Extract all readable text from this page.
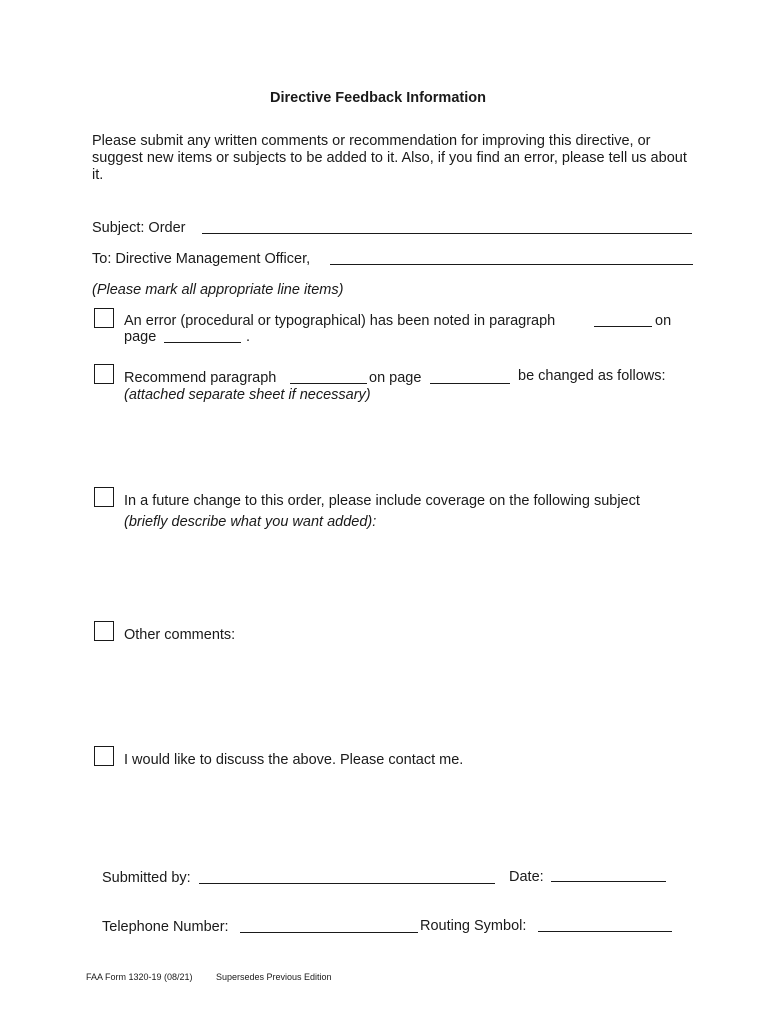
Directive Feedback Information
Please submit any written comments or recommendation for improving this directive, or suggest new items or subjects to be added to it. Also, if you find an error, please tell us about it.
Subject: Order
To: Directive Management Officer,
(Please mark all appropriate line items)
An error (procedural or typographical) has been noted in paragraph	on
page	.
Recommend paragraph	on page	be changed as follows:
(attached separate sheet if necessary)
In a future change to this order, please include coverage on the following subject
(briefly describe what you want added):
Other comments:
I would like to discuss the above. Please contact me.
Submitted by:	Date:
Telephone Number:	Routing Symbol:
FAA Form 1320-19 (08/21)	Supersedes Previous Edition
